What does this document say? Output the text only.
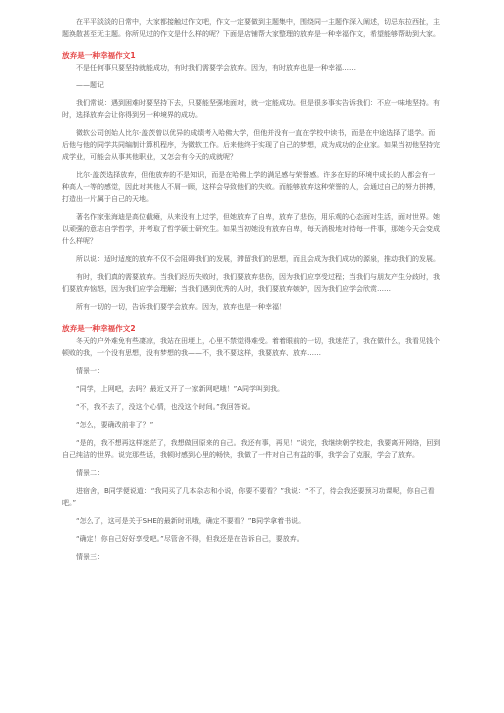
在平平淡淡的日常中，大家都接触过作文吧，作文一定要做到主题集中，围绕同一主题作深入阐述，切忌东拉西扯，主题涣散甚至无主题。你所见过的作文是什么样的呢？下面是店铺帮大家整理的放弃是一种幸福作文，希望能够帮助到大家。

放弃是一种幸福作文1

不是任何事只要坚持就能成功，有时我们需要学会放弃。因为，有时放弃也是一种幸福……

——题记

我们常说：遇到困难时要坚持下去，只要能坚强地面对，就一定能成功。但是很多事实告诉我们：不应一味地坚持。有时，选择放弃会让你得到另一种境界的成功。

微软公司创始人比尔·盖茨曾以优异的成绩考入哈佛大学，但他并没有一直在学校中读书，而是在中途选择了退学。而后他与他的同学共同编制计算机程序，为微软工作。后来他终于实现了自己的梦想，成为成功的企业家。如果当初他坚持完成学业，可能会从事其他职业，又怎会有今天的成就呢？

比尔·盖茨选择放弃，但他放弃的不是知识，而是在哈佛上学的满足感与荣誉感。许多在好的环境中成长的人都会有一种高人一等的感觉，因此对其他人不屑一顾，这样会导致他们的失败。而能够放弃这种荣誉的人，会通过自己的努力拼搏，打造出一片属于自己的天地。

著名作家张海迪是高位截瘫，从来没有上过学，但她放弃了自卑，放弃了悲伤，用乐观的心态面对生活，面对世界。她以顽强的意志自学哲学，并考取了哲学硕士研究生。如果当初她没有放弃自卑，每天消极地对待每一件事，那她今天会变成什么样呢？

所以说：适时适度的放弃不仅不会阻碍我们的发展，滞留我们的思想，而且会成为我们成功的源泉，推动我们的发展。

有时，我们真的需要放弃。当我们经历失败时，我们要放弃悲伤，因为我们应享受过程；当我们与朋友产生分歧时，我们要放弃恼怒，因为我们应学会理解；当我们遇到优秀的人时，我们要放弃嫉妒，因为我们应学会欣赏……

所有一切的一切，告诉我们要学会放弃。因为，放弃也是一种幸福！

放弃是一种幸福作文2

冬天的户外难免有些凄凉，我站在田埂上，心里不禁觉得难受。着着眼前的一切，我迷茫了，我在做什么，我看见钱个顿败的我，一个没有思想，没有梦想的我——不，我不要这样，我要放弃、放弃……

情景一：

“同学，上网吧，去吗？最近又开了一家新网吧哦！”A同学叫到我。

“不，我不去了，没这个心情，也没这个时间。”我回答说。

“怎么，要确改前非了？”

“是的，我不想再这样迷茫了，我想做回原来的自己。我还有事，再见！”说完，我继续朝学校走，我要离开网络，回到自己纯洁的世界。说完那些话，我顿时感到心里的畅快，我做了一件对自己有益的事，我学会了克服，学会了放弃。

情景二：

进宿舍，B同学便说道：“我同买了几本杂志和小说，你要不要看？”我说：“不了，待会我还要预习功课呢，你自己看吧。”

“怎么了，这可是关于SHE的最新时讯哦，确定不要看？”B同学拿着书说。

“确定！你自己好好享受吧。”尽管舍不得，但我还是在告诉自己，要放弃。

情景三：
